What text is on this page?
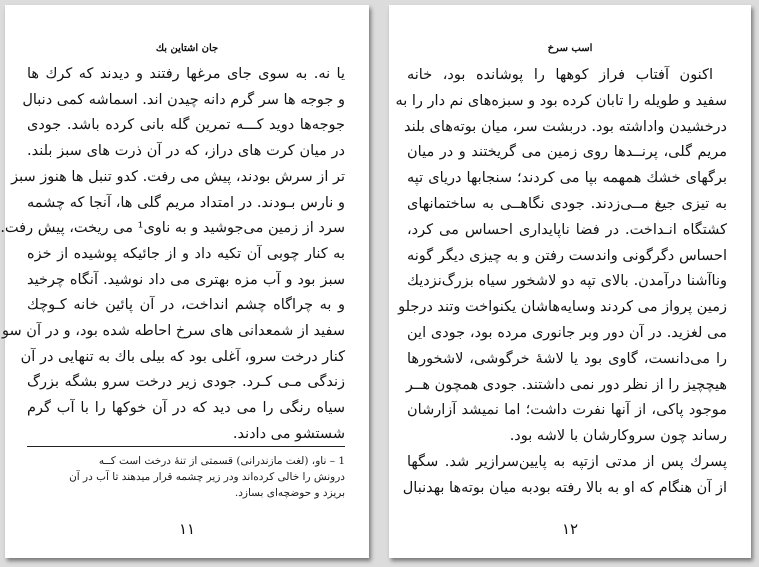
جان اشتاین بك
یا نه. به سوی جای مرغها رفتند و دیدند که کرك ها
و جوجه ها سر گرم دانه چیدن اند. اسماشه کمی دنبال
جوجه‌ها دوید کـــه تمرین گله بانی کرده باشد. جودی
در میان کرت های دراز، که در آن ذرت های سبز بلند.
تر از سرش بودند، پیش می رفت. کدو تنبل ها هنوز سبز
و نارس بـودند. در امتداد مریم گلی ها، آنجا که چشمه
سرد از زمین می‌جوشید و به ناوی¹ می ریخت، پیش رفت.
به کنار چوبی آن تکیه داد و از جائیکه پوشیده از خزه
سبز بود و آب مزه بهتری می داد نوشید. آنگاه چرخید
و به چراگاه چشم انداخت، در آن پائین خانه کـوچك
سفید از شمعدانی های سرخ احاطه شده بود، و در آن سو
کنار درخت سرو، آغلی بود که بیلی باك به تنهایی در آن
زندگی مـی کـرد. جودی زیر درخت سرو بشگه بزرگ
سیاه رنگی را می دید که در آن خوکها را با آب گرم
شستشو می دادند.
1 – ناو، (لغت مازندرانی) قسمتی از تنهٔ درخت است کــه
درونش را خالی کرده‌اند ودر زیر چشمه قرار میدهند تا آب در آن
بریزد و حوضچه‌ای بسازد.
۱۱
اسب سرخ
اکنون آفتاب فراز کوهها را پوشانده بود، خانه
سفید و طویله را تابان کرده بود و سبزه‌های نم دار را به
درخشیدن واداشته بود. دربشت سر، میان بوته‌های بلند
مریم گلی، پرنــدها روی زمین می گریختند و در میان
برگهای خشك همهمه بپا می کردند؛ سنجابها دریای تپه
به تیزی جیغ مــی‌زدند. جودی نگاهــی به ساختمانهای
کشتگاه انـداخت. در فضا ناپایداری احساس می کرد،
احساس دگرگونی واندست رفتن و به چیزی دیگر گونه
وناآشنا درآمدن. بالای تپه دو لاشخور سیاه بزرگ‌نزدیك
زمین پرواز می کردند وسایه‌هاشان یکنواخت وتند درجلو
می لغزید. در آن دور وبر جانوری مرده بود، جودی این
را می‌دانست، گاوی بود یا لاشهٔ خرگوشی، لاشخورها
هیچچیز را از نظر دور نمی داشتند. جودی همچون هــر
موجود پاکی، از آنها نفرت داشت؛ اما نمیشد آزارشان
رساند چون سروکارشان با لاشه بود.
پسرك پس از مدتی ازتپه به پایین‌سرازیر شد. سگها
از آن هنگام که او به بالا رفته بودبه میان بوته‌ها بهدنبال
۱۲
